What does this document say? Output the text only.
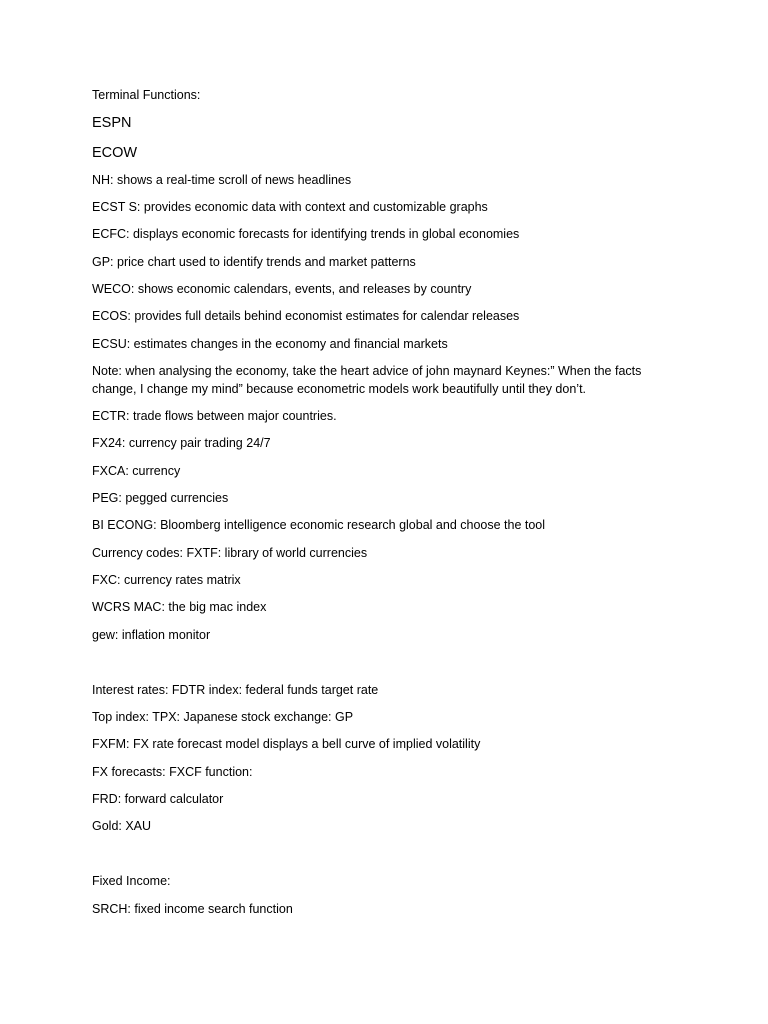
Terminal Functions:

ESPN

ECOW

NH: shows a real-time scroll of news headlines

ECST S: provides economic data with context and customizable graphs

ECFC: displays economic forecasts for identifying trends in global economies

GP: price chart used to identify trends and market patterns

WECO: shows economic calendars, events, and releases by country

ECOS: provides full details behind economist estimates for calendar releases

ECSU: estimates changes in the economy and financial markets

Note: when analysing the economy, take the heart advice of john maynard Keynes:” When the facts change, I change my mind” because econometric models work beautifully until they don’t.

ECTR: trade flows between major countries.

FX24: currency pair trading 24/7

FXCA: currency

PEG: pegged currencies

BI ECONG: Bloomberg intelligence economic research global and choose the tool

Currency codes: FXTF: library of world currencies

FXC: currency rates matrix

WCRS MAC: the big mac index

gew: inflation monitor

Interest rates: FDTR index: federal funds target rate

Top index: TPX: Japanese stock exchange: GP

FXFM: FX rate forecast model displays a bell curve of implied volatility

FX forecasts: FXCF function:

FRD: forward calculator

Gold: XAU

Fixed Income:

SRCH: fixed income search function
